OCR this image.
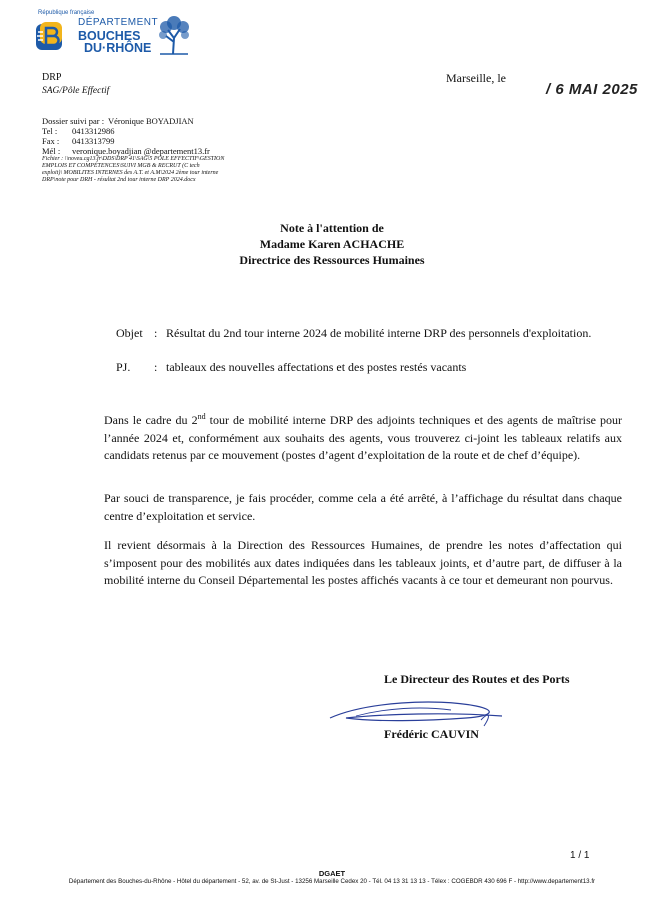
République française
DÉPARTEMENT
BOUCHES
DU·RHÔNE
DRP
SAG/Pôle Effectif
Marseille, le
/ 6 MAI 2025
Dossier suivi par : Véronique BOYADJIAN
Tel : 0413312986
Fax : 0413313799
Mél : veronique.boyadjian @departement13.fr
Fichier : \\noveu.cg13.fr\DDS\DRP 41\SAG\5 POLE EFFECTIF\GESTION
EMPLOIS ET COMPÉTENCES\SUIVI MGB & RECRUT (C tech
exploit)\ MOBILITES INTERNES des A.T. et A.M\2024 2ème tour interne
DRP\note pour DRH - résultat 2nd tour interne DRP 2024.docx
Note à l'attention de
Madame Karen ACHACHE
Directrice des Ressources Humaines
Objet : Résultat du 2nd tour interne 2024 de mobilité interne DRP des personnels d'exploitation.
PJ. : tableaux des nouvelles affectations et des postes restés vacants
Dans le cadre du 2nd tour de mobilité interne DRP des adjoints techniques et des agents de maîtrise pour l’année 2024 et, conformément aux souhaits des agents, vous trouverez ci-joint les tableaux relatifs aux candidats retenus par ce mouvement (postes d’agent d’exploitation de la route et de chef d’équipe).
Par souci de transparence, je fais procéder, comme cela a été arrêté, à l’affichage du résultat dans chaque centre d’exploitation et service.
Il revient désormais à la Direction des Ressources Humaines, de prendre les notes d’affectation qui s’imposent pour des mobilités aux dates indiquées dans les tableaux joints, et d’autre part, de diffuser à la mobilité interne du Conseil Départemental les postes affichés vacants à ce tour et demeurant non pourvus.
Le Directeur des Routes et des Ports
Frédéric CAUVIN
1 / 1
DGAET
Département des Bouches-du-Rhône - Hôtel du département - 52, av. de St-Just - 13256 Marseille Cedex 20 - Tél. 04 13 31 13 13 - Télex : COGEBDR 430 696 F - http://www.departement13.fr
